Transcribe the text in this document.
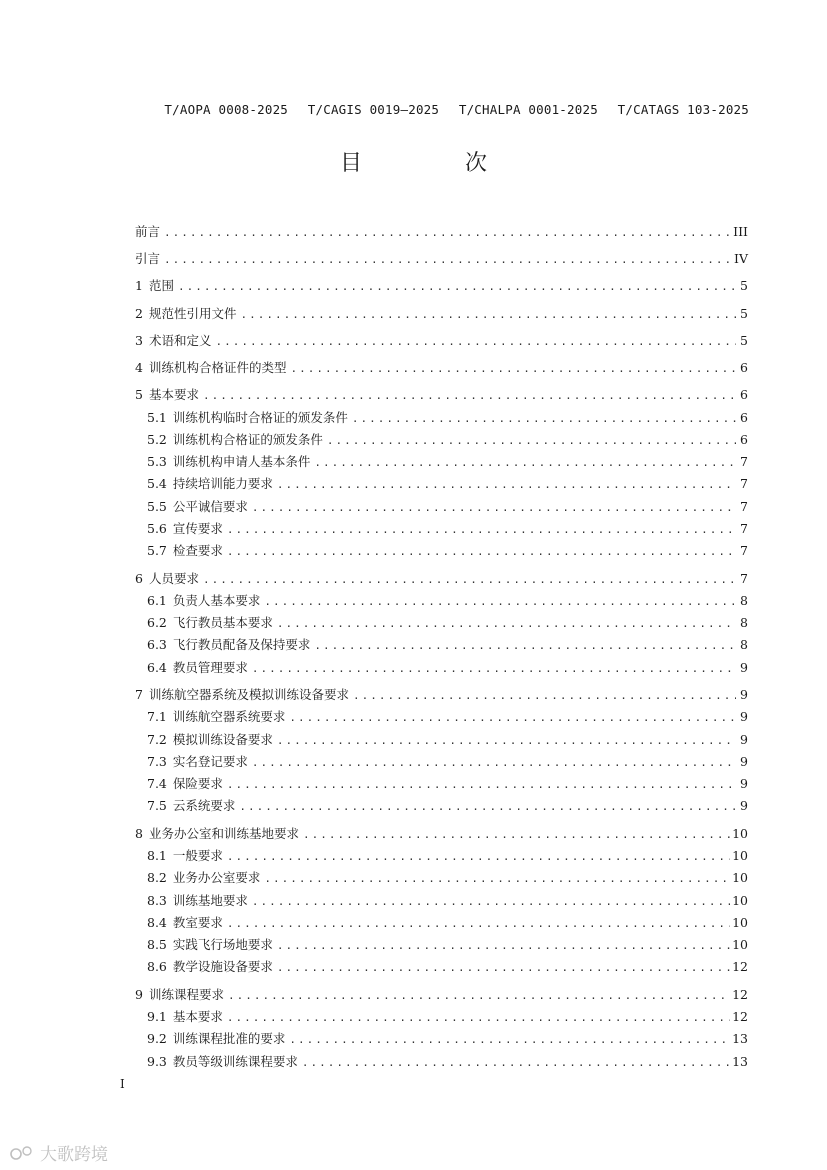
T/AOPA 0008-2025 T/CAGIS 0019—2025 T/CHALPA 0001-2025 T/CATAGS 103-2025
目 次
前言 .....	III
引言 .....	IV
1 范围 .....	5
2 规范性引用文件 .....	5
3 术语和定义 .....	5
4 训练机构合格证件的类型 .....	6
5 基本要求 .....	6
5.1 训练机构临时合格证的颁发条件 .....	6
5.2 训练机构合格证的颁发条件 .....	6
5.3 训练机构申请人基本条件 .....	7
5.4 持续培训能力要求 .....	7
5.5 公平诚信要求 .....	7
5.6 宣传要求 .....	7
5.7 检查要求 .....	7
6 人员要求 .....	7
6.1 负责人基本要求 .....	8
6.2 飞行教员基本要求 .....	8
6.3 飞行教员配备及保持要求 .....	8
6.4 教员管理要求 .....	9
7 训练航空器系统及模拟训练设备要求 .....	9
7.1 训练航空器系统要求 .....	9
7.2 模拟训练设备要求 .....	9
7.3 实名登记要求 .....	9
7.4 保险要求 .....	9
7.5 云系统要求 .....	9
8 业务办公室和训练基地要求 .....	10
8.1 一般要求 .....	10
8.2 业务办公室要求 .....	10
8.3 训练基地要求 .....	10
8.4 教室要求 .....	10
8.5 实践飞行场地要求 .....	10
8.6 教学设施设备要求 .....	12
9 训练课程要求 .....	12
9.1 基本要求 .....	12
9.2 训练课程批准的要求 .....	13
9.3 教员等级训练课程要求 .....	13
I
大歌跨境
